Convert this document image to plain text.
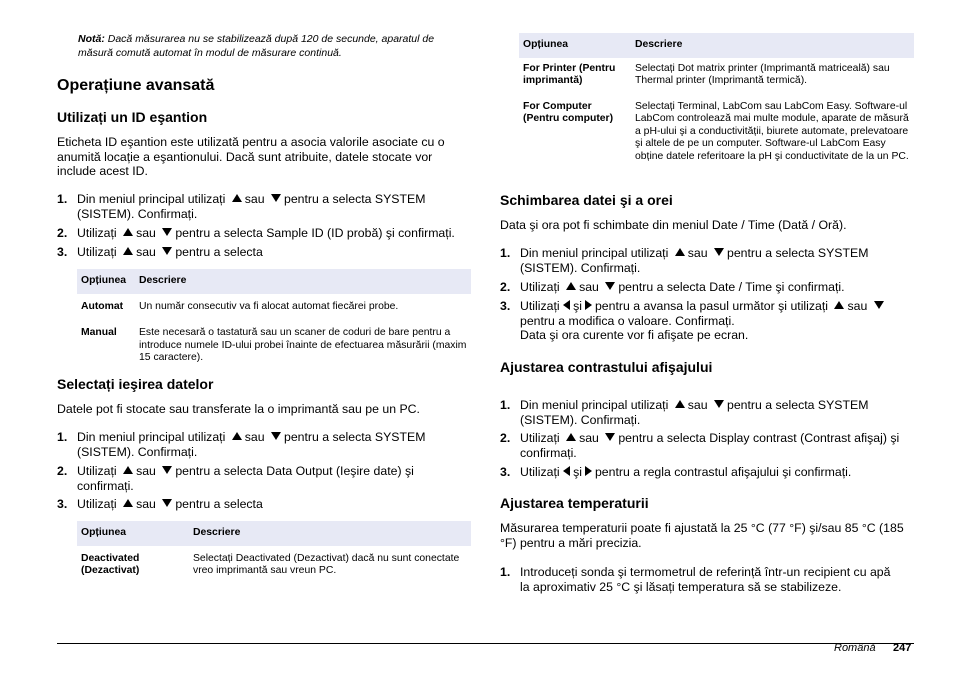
Notă: Dacă măsurarea nu se stabilizează după 120 de secunde, aparatul de măsură comută automat în modul de măsurare continuă.
Operațiune avansată
Utilizați un ID eşantion

Eticheta ID eşantion este utilizată pentru a asocia valorile asociate cu o anumită locație a eşantionului. Dacă sunt atribuite, datele stocate vor include acest ID.

1. Din meniul principal utilizați sau pentru a selecta SYSTEM
(SISTEM). Confirmați.
2. Utilizați sau pentru a selecta Sample ID (ID probă) şi confirmați.
3. Utilizați sau pentru a selecta
Opțiunea	Descriere
Automat	Un număr consecutiv va fi alocat automat fiecărei probe.
Manual	Este necesară o tastatură sau un scaner de coduri de bare pentru a introduce numele ID-ului probei înainte de efectuarea măsurării (maxim 15 caractere).
Selectați ieşirea datelor

Datele pot fi stocate sau transferate la o imprimantă sau pe un PC.

1. Din meniul principal utilizați sau pentru a selecta SYSTEM
(SISTEM). Confirmați.
2. Utilizați sau pentru a selecta Data Output (Ieşire date) şi
confirmați.
3. Utilizați sau pentru a selecta
Opțiunea	Descriere
Deactivated (Dezactivat)	Selectați Deactivated (Dezactivat) dacă nu sunt conectate vreo imprimantă sau vreun PC.
Opțiunea	Descriere
For Printer (Pentru imprimantă)	Selectați Dot matrix printer (Imprimantă matriceală) sau Thermal printer (Imprimantă termică).
For Computer (Pentru computer)	Selectați Terminal, LabCom sau LabCom Easy. Software-ul LabCom controlează mai multe module, aparate de măsură a pH-ului şi a conductivității, biurete automate, prelevatoare şi altele de pe un computer. Software-ul LabCom Easy obține datele referitoare la pH şi conductivitate de la un PC.
Schimbarea datei şi a orei

Data şi ora pot fi schimbate din meniul Date / Time (Dată / Oră).

1. Din meniul principal utilizați sau pentru a selecta SYSTEM
(SISTEM). Confirmați.
2. Utilizați sau pentru a selecta Date / Time şi confirmați.
3. Utilizați şi pentru a avansa la pasul următor şi utilizați sau
pentru a modifica o valoare. Confirmați.
Data şi ora curente vor fi afişate pe ecran.
Ajustarea contrastului afişajului
1. Din meniul principal utilizați sau pentru a selecta SYSTEM
(SISTEM). Confirmați.
2. Utilizați sau pentru a selecta Display contrast (Contrast afişaj) şi
confirmați.
3. Utilizați şi pentru a regla contrastul afişajului şi confirmați.
Ajustarea temperaturii

Măsurarea temperaturii poate fi ajustată la 25 °C (77 °F) şi/sau 85 °C (185 °F) pentru a mări precizia.

1. Introduceți sonda şi termometrul de referință într-un recipient cu apă
la aproximativ 25 °C şi lăsați temperatura să se stabilizeze.
Română 247
